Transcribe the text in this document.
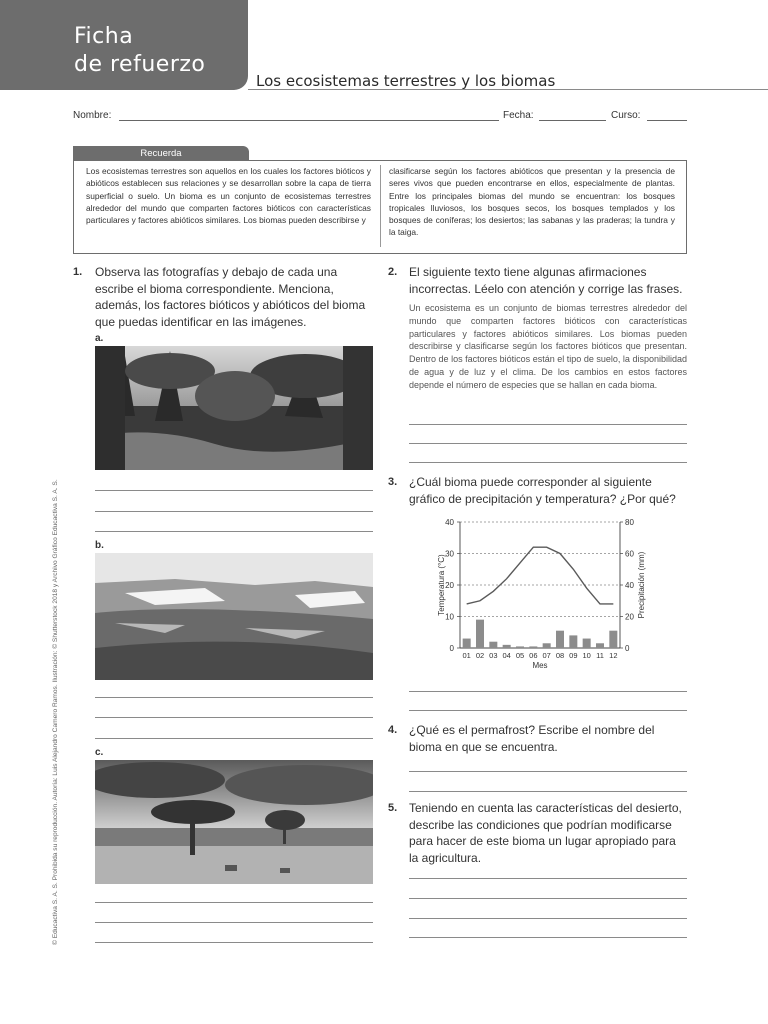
Ficha
de refuerzo
Los ecosistemas terrestres y los biomas
Nombre:	Fecha:	Curso:
Recuerda
Los ecosistemas terrestres son aquellos en los cuales los factores bióticos y abióticos establecen sus relaciones y se desarrollan sobre la capa de tierra superficial o suelo. Un bioma es un conjunto de ecosistemas terrestres alrededor del mundo que comparten factores bióticos con características particulares y factores abióticos similares. Los biomas pueden describirse y
clasificarse según los factores abióticos que presentan y la presencia de seres vivos que pueden encontrarse en ellos, especialmente de plantas. Entre los principales biomas del mundo se encuentran: los bosques tropicales lluviosos, los bosques secos, los bosques templados y los bosques de coníferas; los desiertos; las sabanas y las praderas; la tundra y la taiga.
1. Observa las fotografías y debajo de cada una escribe el bioma correspondiente. Menciona, además, los factores bióticos y abióticos del bioma que puedas identificar en las imágenes.
a.
b.
c.
2. El siguiente texto tiene algunas afirmaciones incorrectas. Léelo con atención y corrige las frases.
Un ecosistema es un conjunto de biomas terrestres alrededor del mundo que comparten factores bióticos con características particulares y factores abióticos similares. Los biomas pueden describirse y clasificarse según los factores bióticos que presentan. Dentro de los factores bióticos están el tipo de suelo, la disponibilidad de agua y de luz y el clima. De los cambios en estos factores depende el número de especies que se hallan en cada bioma.
3. ¿Cuál bioma puede corresponder al siguiente gráfico de precipitación y temperatura? ¿Por qué?
0
10
20
30
40
0
20
40
60
80
01 02 03 04 05 06 07 08 09 10 11 12
Mes
Temperatura (°C)	Precipitación (mm)
4. ¿Qué es el permafrost? Escribe el nombre del bioma en que se encuentra.
5. Teniendo en cuenta las características del desierto, describe las condiciones que podrían modificarse para hacer de este bioma un lugar apropiado para la agricultura.
© Educactiva S. A. S. Prohibida su reproducción. Autoría: Luis Alejandro Camero Ramos. Ilustración: © Shutterstock 2018 y Archivo Gráfico Educactiva S. A. S.
